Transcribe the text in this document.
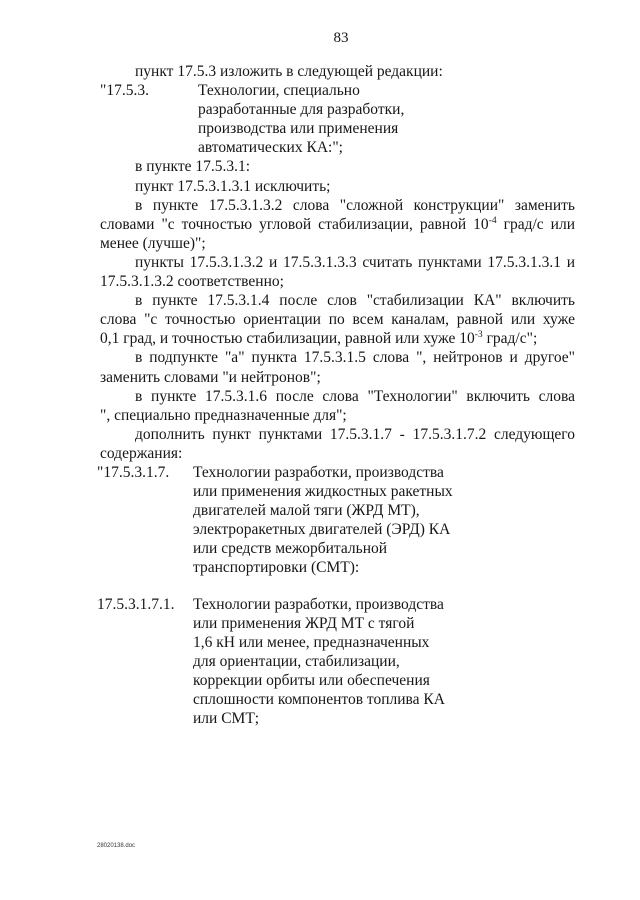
83
пункт 17.5.3 изложить в следующей редакции:
"17.5.3.	Технологии, специально
разработанные для разработки,
производства или применения
автоматических КА:";
в пункте 17.5.3.1:
пункт 17.5.3.1.3.1 исключить;
в пункте 17.5.3.1.3.2 слова "сложной конструкции" заменить
словами "с точностью угловой стабилизации, равной $10^{-4}$ град/с или
менее (лучше)";
пункты 17.5.3.1.3.2 и 17.5.3.1.3.3 считать пунктами 17.5.3.1.3.1 и
17.5.3.1.3.2 соответственно;
в пункте 17.5.3.1.4 после слов "стабилизации КА" включить
слова "с точностью ориентации по всем каналам, равной или хуже
0,1 град, и точностью стабилизации, равной или хуже $10^{-3}$ град/с";
в подпункте "а" пункта 17.5.3.1.5 слова ", нейтронов и другое"
заменить словами "и нейтронов";
в пункте 17.5.3.1.6 после слова "Технологии" включить слова
", специально предназначенные для";
дополнить пункт пунктами 17.5.3.1.7 - 17.5.3.1.7.2 следующего
содержания:
"17.5.3.1.7. Технологии разработки, производства
или применения жидкостных ракетных
двигателей малой тяги (ЖРД МТ),
электроракетных двигателей (ЭРД) КА
или средств межорбитальной
транспортировки (СМТ):
17.5.3.1.7.1. Технологии разработки, производства
или применения ЖРД МТ с тягой
1,6 кН или менее, предназначенных
для ориентации, стабилизации,
коррекции орбиты или обеспечения
сплошности компонентов топлива КА
или СМТ;
28020138.doc
